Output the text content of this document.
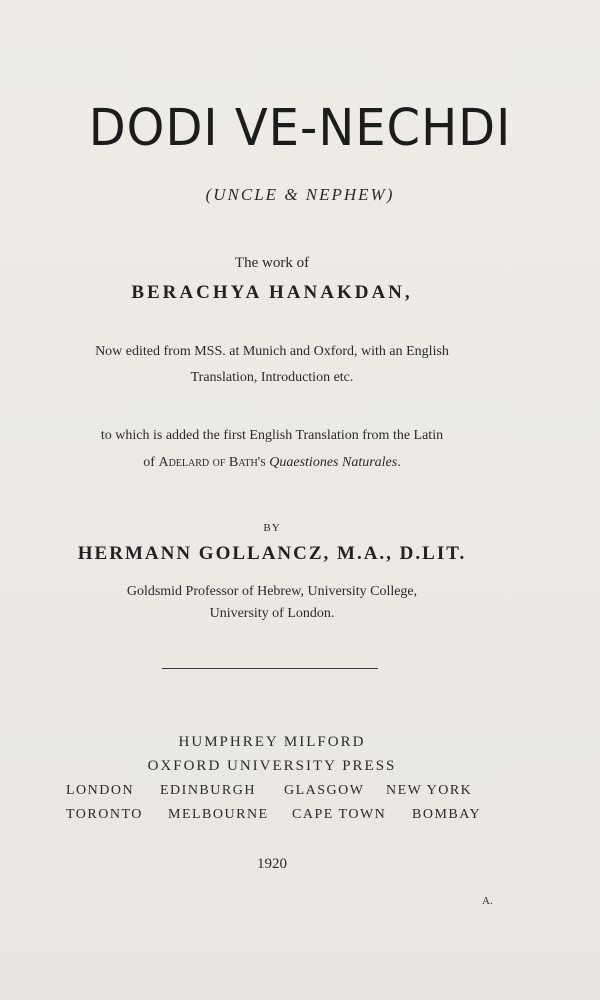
DODI VE-NECHDI
(UNCLE & NEPHEW)
The work of
BERACHYA HANAKDAN,
Now edited from MSS. at Munich and Oxford, with an English
Translation, Introduction etc.
to which is added the first English Translation from the Latin
of Adelard of Bath's Quaestiones Naturales.
BY
HERMANN GOLLANCZ, M.A., D.LIT.
Goldsmid Professor of Hebrew, University College,
University of London.
HUMPHREY MILFORD
OXFORD UNIVERSITY PRESS
LONDON EDINBURGH GLASGOW NEW YORK
TORONTO MELBOURNE CAPE TOWN BOMBAY
1920
A.
